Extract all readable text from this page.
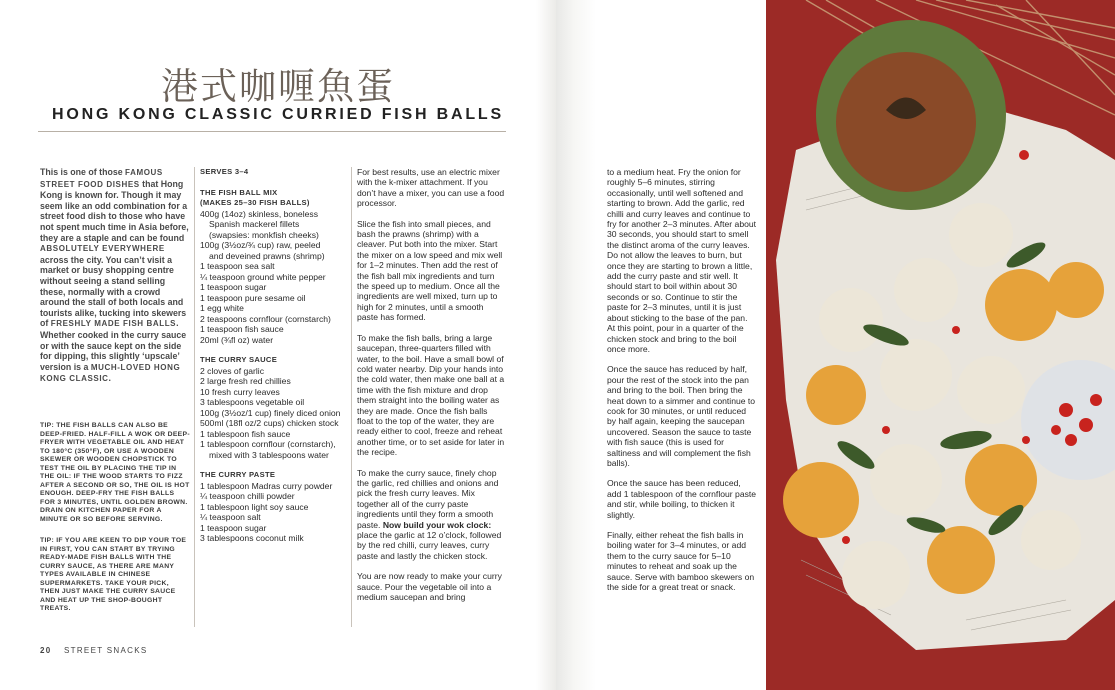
港式咖喱魚蛋
HONG KONG CLASSIC CURRIED FISH BALLS
This is one of those FAMOUS STREET FOOD DISHES that Hong Kong is known for. Though it may seem like an odd combination for a street food dish to those who have not spent much time in Asia before, they are a staple and can be found ABSOLUTELY EVERYWHERE across the city. You can’t visit a market or busy shopping centre without seeing a stand selling these, normally with a crowd around the stall of both locals and tourists alike, tucking into skewers of FRESHLY MADE FISH BALLS. Whether cooked in the curry sauce or with the sauce kept on the side for dipping, this slightly ‘upscale’ version is a MUCH-LOVED HONG KONG CLASSIC.
TIP: THE FISH BALLS CAN ALSO BE DEEP-FRIED. HALF-FILL A WOK OR DEEP-FRYER WITH VEGETABLE OIL AND HEAT TO 180°C (350°F), OR USE A WOODEN SKEWER OR WOODEN CHOPSTICK TO TEST THE OIL BY PLACING THE TIP IN THE OIL: IF THE WOOD STARTS TO FIZZ AFTER A SECOND OR SO, THE OIL IS HOT ENOUGH. DEEP-FRY THE FISH BALLS FOR 3 MINUTES, UNTIL GOLDEN BROWN. DRAIN ON KITCHEN PAPER FOR A MINUTE OR SO BEFORE SERVING.
TIP: IF YOU ARE KEEN TO DIP YOUR TOE IN FIRST, YOU CAN START BY TRYING READY-MADE FISH BALLS WITH THE CURRY SAUCE, AS THERE ARE MANY TYPES AVAILABLE IN CHINESE SUPERMARKETS. TAKE YOUR PICK, THEN JUST MAKE THE CURRY SAUCE AND HEAT UP THE SHOP-BOUGHT TREATS.
SERVES 3–4
THE FISH BALL MIX
(MAKES 25–30 FISH BALLS)
400g (14oz) skinless, boneless
Spanish mackerel fillets
(swapsies: monkfish cheeks)
100g (3½oz/¾ cup) raw, peeled
and deveined prawns (shrimp)
1 teaspoon sea salt
¼ teaspoon ground white pepper
1 teaspoon sugar
1 teaspoon pure sesame oil
1 egg white
2 teaspoons cornflour (cornstarch)
1 teaspoon fish sauce
20ml (¾fl oz) water
THE CURRY SAUCE
2 cloves of garlic
2 large fresh red chillies
10 fresh curry leaves
3 tablespoons vegetable oil
100g (3½oz/1 cup) finely diced onion
500ml (18fl oz/2 cups) chicken stock
1 tablespoon fish sauce
1 tablespoon cornflour (cornstarch),
mixed with 3 tablespoons water
THE CURRY PASTE
1 tablespoon Madras curry powder
¼ teaspoon chilli powder
1 tablespoon light soy sauce
¼ teaspoon salt
1 teaspoon sugar
3 tablespoons coconut milk

For best results, use an electric mixer with the k-mixer attachment. If you don’t have a mixer, you can use a food processor.

Slice the fish into small pieces, and bash the prawns (shrimp) with a cleaver. Put both into the mixer. Start the mixer on a low speed and mix well for 1–2 minutes. Then add the rest of the fish ball mix ingredients and turn the speed up to medium. Once all the ingredients are well mixed, turn up to high for 2 minutes, until a smooth paste has formed.

To make the fish balls, bring a large saucepan, three-quarters filled with water, to the boil. Have a small bowl of cold water nearby. Dip your hands into the cold water, then make one ball at a time with the fish mixture and drop them straight into the boiling water as they are made. Once the fish balls float to the top of the water, they are ready either to cool, freeze and reheat another time, or to set aside for later in the recipe.

To make the curry sauce, finely chop the garlic, red chillies and onions and pick the fresh curry leaves. Mix together all of the curry paste ingredients until they form a smooth paste. Now build your wok clock: place the garlic at 12 o’clock, followed by the red chilli, curry leaves, curry paste and lastly the chicken stock.

You are now ready to make your curry sauce. Pour the vegetable oil into a medium saucepan and bring

20 STREET SNACKS

to a medium heat. Fry the onion for roughly 5–6 minutes, stirring occasionally, until well softened and starting to brown. Add the garlic, red chilli and curry leaves and continue to fry for another 2–3 minutes. After about 30 seconds, you should start to smell the distinct aroma of the curry leaves. Do not allow the leaves to burn, but once they are starting to brown a little, add the curry paste and stir well. It should start to boil within about 30 seconds or so. Continue to stir the paste for 2–3 minutes, until it is just about sticking to the base of the pan. At this point, pour in a quarter of the chicken stock and bring to the boil once more.

Once the sauce has reduced by half, pour the rest of the stock into the pan and bring to the boil. Then bring the heat down to a simmer and continue to cook for 30 minutes, or until reduced by half again, keeping the saucepan uncovered. Season the sauce to taste with fish sauce (this is used for saltiness and will complement the fish balls).

Once the sauce has been reduced, add 1 tablespoon of the cornflour paste and stir, while boiling, to thicken it slightly.

Finally, either reheat the fish balls in boiling water for 3–4 minutes, or add them to the curry sauce for 5–10 minutes to reheat and soak up the sauce. Serve with bamboo skewers on the side for a great treat or snack.
